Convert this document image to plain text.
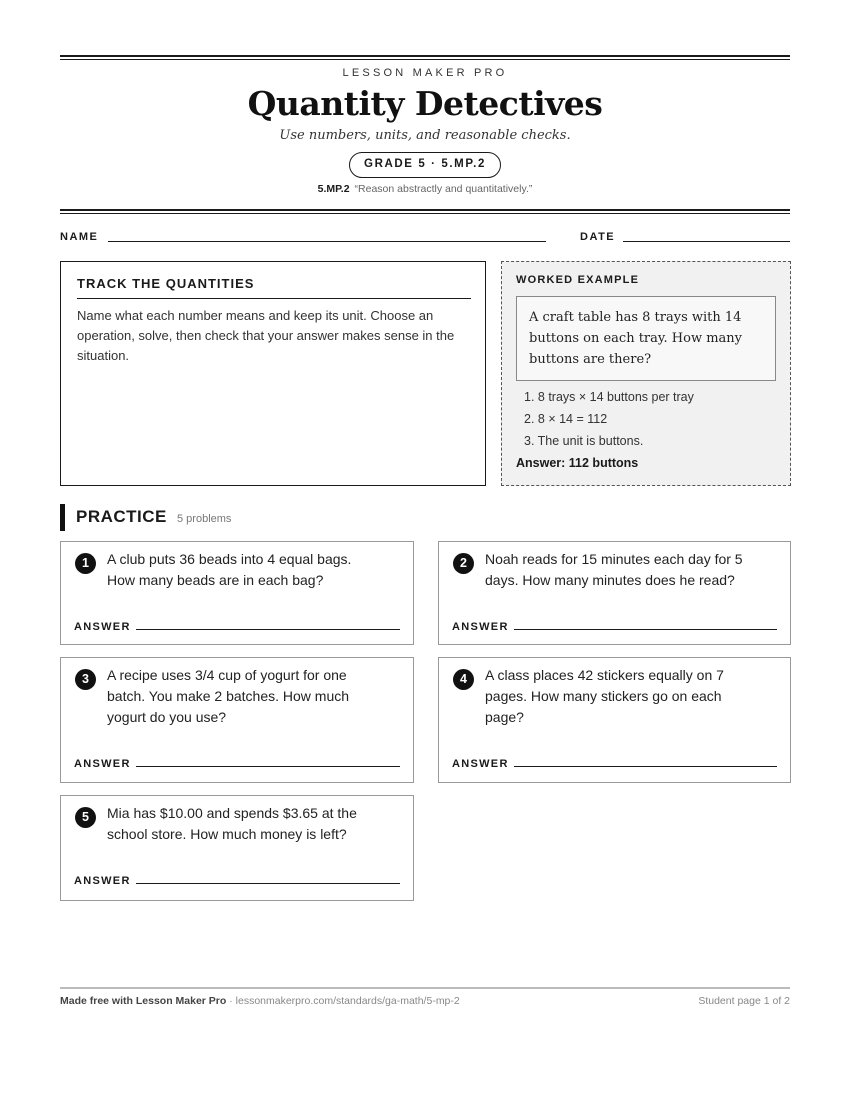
LESSON MAKER PRO
Quantity Detectives
Use numbers, units, and reasonable checks.
GRADE 5 · 5.MP.2
5.MP.2 “Reason abstractly and quantitatively.”
NAME	DATE
TRACK THE QUANTITIES
Name what each number means and keep its unit. Choose an operation, solve, then check that your answer makes sense in the situation.
WORKED EXAMPLE
A craft table has 8 trays with 14 buttons on each tray. How many buttons are there?
1. 8 trays × 14 buttons per tray
2. 8 × 14 = 112
3. The unit is buttons.
Answer: 112 buttons
PRACTICE 5 problems
1	A club puts 36 beads into 4 equal bags.
How many beads are in each bag?
ANSWER
2	Noah reads for 15 minutes each day for 5
days. How many minutes does he read?
ANSWER
3	A recipe uses 3/4 cup of yogurt for one
batch. You make 2 batches. How much
yogurt do you use?
ANSWER
4	A class places 42 stickers equally on 7
pages. How many stickers go on each
page?
ANSWER
5	Mia has $10.00 and spends $3.65 at the
school store. How much money is left?
ANSWER
Made free with Lesson Maker Pro · lessonmakerpro.com/standards/ga-math/5-mp-2	Student page 1 of 2
